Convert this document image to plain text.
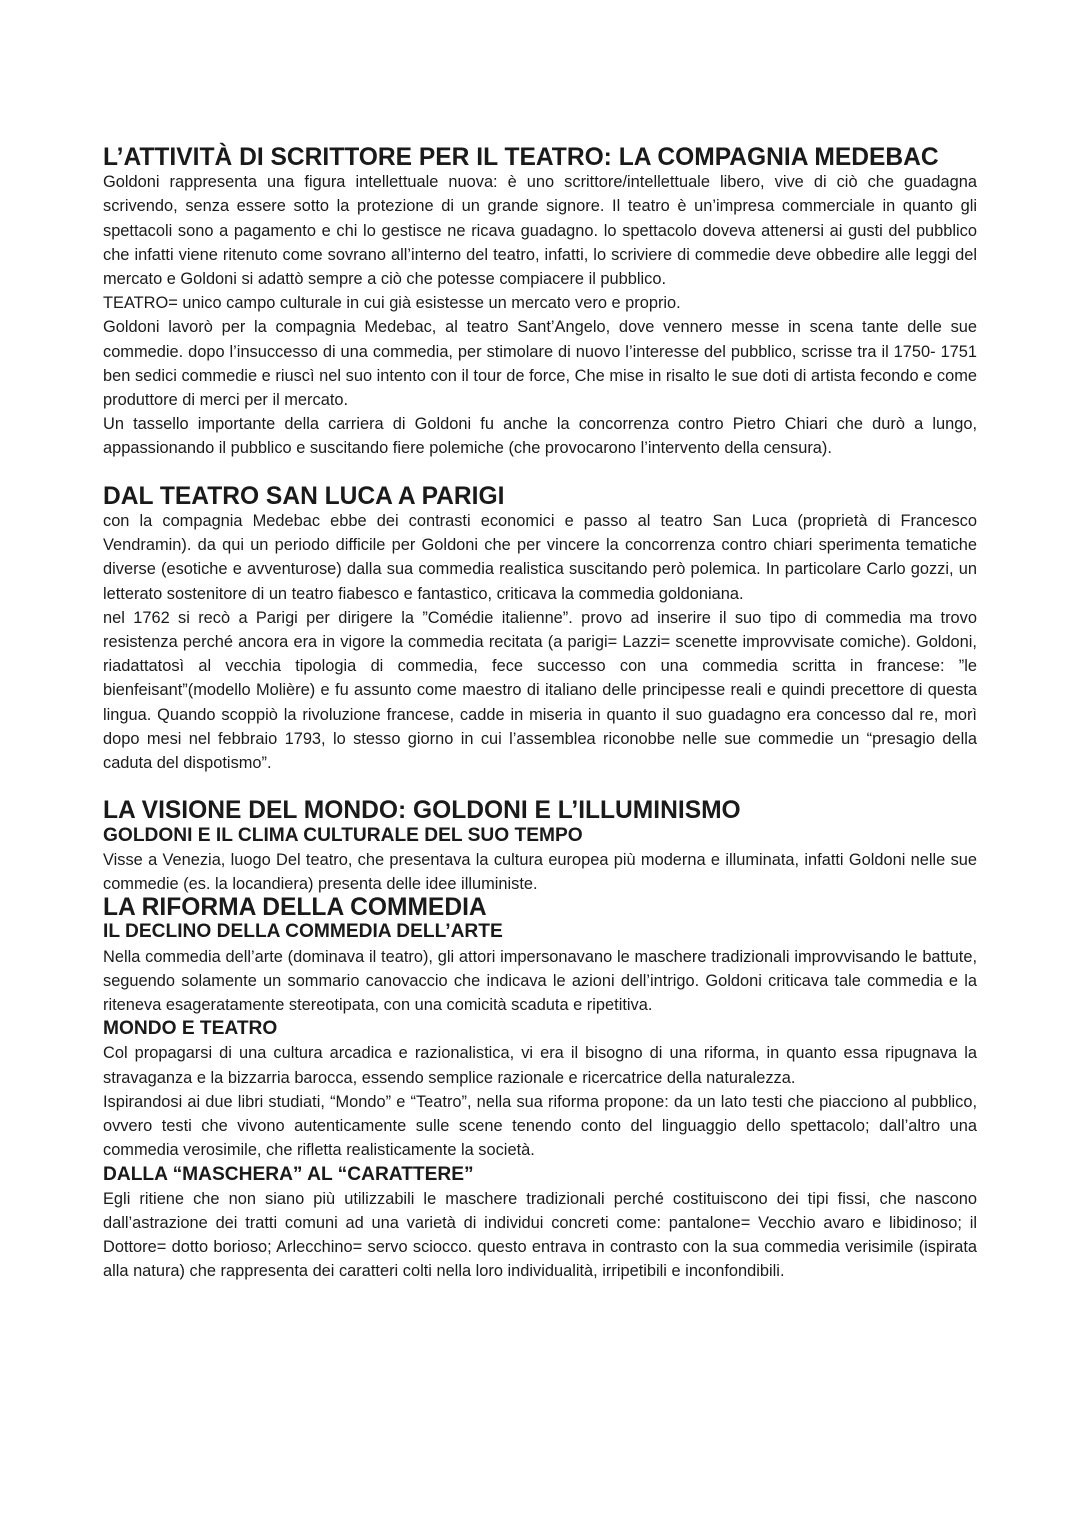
L’ATTIVITÀ DI SCRITTORE PER IL TEATRO: LA COMPAGNIA MEDEBAC

Goldoni rappresenta una figura intellettuale nuova: è uno scrittore/intellettuale libero, vive di ciò che guadagna scrivendo, senza essere sotto la protezione di un grande signore. Il teatro è un’impresa commerciale in quanto gli spettacoli sono a pagamento e chi lo gestisce ne ricava guadagno. lo spettacolo doveva attenersi ai gusti del pubblico che infatti viene ritenuto come sovrano all’interno del teatro, infatti, lo scriviere di commedie deve obbedire alle leggi del mercato e Goldoni si adattò sempre a ciò che potesse compiacere il pubblico.

TEATRO= unico campo culturale in cui già esistesse un mercato vero e proprio.

Goldoni lavorò per la compagnia Medebac, al teatro Sant’Angelo, dove vennero messe in scena tante delle sue commedie. dopo l’insuccesso di una commedia, per stimolare di nuovo l’interesse del pubblico, scrisse tra il 1750- 1751 ben sedici commedie e riuscì nel suo intento con il tour de force, Che mise in risalto le sue doti di artista fecondo e come produttore di merci per il mercato.

Un tassello importante della carriera di Goldoni fu anche la concorrenza contro Pietro Chiari che durò a lungo, appassionando il pubblico e suscitando fiere polemiche (che provocarono l’intervento della censura).

DAL TEATRO SAN LUCA A PARIGI

con la compagnia Medebac ebbe dei contrasti economici e passo al teatro San Luca (proprietà di Francesco Vendramin). da qui un periodo difficile per Goldoni che per vincere la concorrenza contro chiari sperimenta tematiche diverse (esotiche e avventurose) dalla sua commedia realistica suscitando però polemica. In particolare Carlo gozzi, un letterato sostenitore di un teatro fiabesco e fantastico, criticava la commedia goldoniana.

nel 1762 si recò a Parigi per dirigere la ”Comédie italienne”. provo ad inserire il suo tipo di commedia ma trovo resistenza perché ancora era in vigore la commedia recitata (a parigi= Lazzi= scenette improvvisate comiche). Goldoni, riadattatosì al vecchia tipologia di commedia, fece successo con una commedia scritta in francese: ”le bienfeisant”(modello Molière) e fu assunto come maestro di italiano delle principesse reali e quindi precettore di questa lingua. Quando scoppiò la rivoluzione francese, cadde in miseria in quanto il suo guadagno era concesso dal re, morì dopo mesi nel febbraio 1793, lo stesso giorno in cui l’assemblea riconobbe nelle sue commedie un “presagio della caduta del dispotismo”.

LA VISIONE DEL MONDO: GOLDONI E L’ILLUMINISMO
GOLDONI E IL CLIMA CULTURALE DEL SUO TEMPO

Visse a Venezia, luogo Del teatro, che presentava la cultura europea più moderna e illuminata, infatti Goldoni nelle sue commedie (es. la locandiera) presenta delle idee illuministe.

LA RIFORMA DELLA COMMEDIA
IL DECLINO DELLA COMMEDIA DELL’ARTE

Nella commedia dell’arte (dominava il teatro), gli attori impersonavano le maschere tradizionali improvvisando le battute, seguendo solamente un sommario canovaccio che indicava le azioni dell’intrigo. Goldoni criticava tale commedia e la riteneva esageratamente stereotipata, con una comicità scaduta e ripetitiva.

MONDO E TEATRO

Col propagarsi di una cultura arcadica e razionalistica, vi era il bisogno di una riforma, in quanto essa ripugnava la stravaganza e la bizzarria barocca, essendo semplice razionale e ricercatrice della naturalezza.

Ispirandosi ai due libri studiati, “Mondo” e “Teatro”, nella sua riforma propone: da un lato testi che piacciono al pubblico, ovvero testi che vivono autenticamente sulle scene tenendo conto del linguaggio dello spettacolo; dall’altro una commedia verosimile, che rifletta realisticamente la società.

DALLA “MASCHERA” AL “CARATTERE”

Egli ritiene che non siano più utilizzabili le maschere tradizionali perché costituiscono dei tipi fissi, che nascono dall’astrazione dei tratti comuni ad una varietà di individui concreti come: pantalone= Vecchio avaro e libidinoso; il Dottore= dotto borioso; Arlecchino= servo sciocco. questo entrava in contrasto con la sua commedia verisimile (ispirata alla natura) che rappresenta dei caratteri colti nella loro individualità, irripetibili e inconfondibili.
